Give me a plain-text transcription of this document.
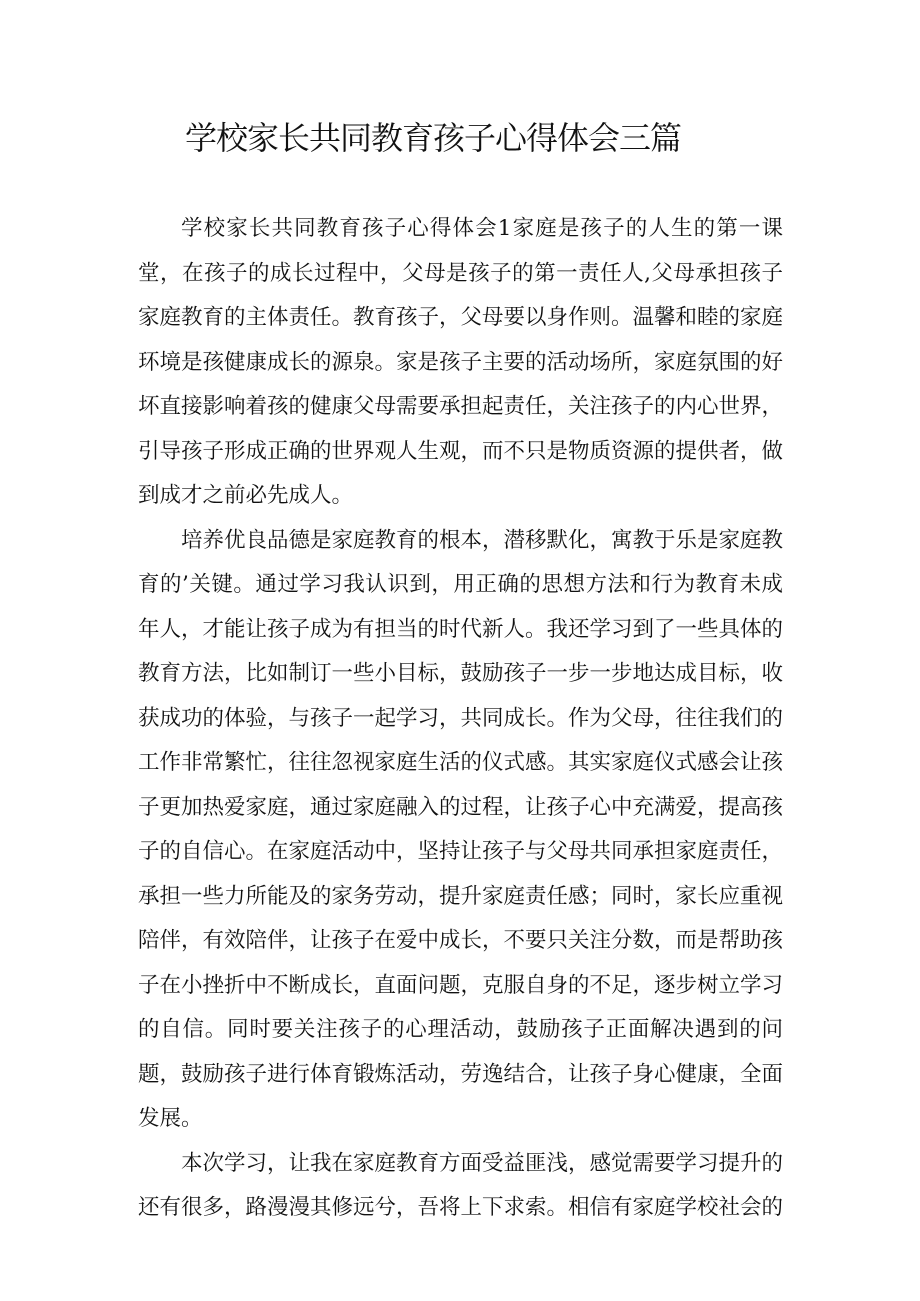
学校家长共同教育孩子心得体会三篇

学校家长共同教育孩子心得体会1家庭是孩子的人生的第一课堂，在孩子的成长过程中，父母是孩子的第一责任人,父母承担孩子家庭教育的主体责任。教育孩子，父母要以身作则。温馨和睦的家庭环境是孩健康成长的源泉。家是孩子主要的活动场所，家庭氛围的好坏直接影响着孩的健康父母需要承担起责任，关注孩子的内心世界，引导孩子形成正确的世界观人生观，而不只是物质资源的提供者，做到成才之前必先成人。

培养优良品德是家庭教育的根本，潜移默化，寓教于乐是家庭教育的’关键。通过学习我认识到，用正确的思想方法和行为教育未成年人，才能让孩子成为有担当的时代新人。我还学习到了一些具体的教育方法，比如制订一些小目标，鼓励孩子一步一步地达成目标，收获成功的体验，与孩子一起学习，共同成长。作为父母，往往我们的工作非常繁忙，往往忽视家庭生活的仪式感。其实家庭仪式感会让孩子更加热爱家庭，通过家庭融入的过程，让孩子心中充满爱，提高孩子的自信心。在家庭活动中，坚持让孩子与父母共同承担家庭责任，承担一些力所能及的家务劳动，提升家庭责任感；同时，家长应重视陪伴，有效陪伴，让孩子在爱中成长，不要只关注分数，而是帮助孩子在小挫折中不断成长，直面问题，克服自身的不足，逐步树立学习的自信。同时要关注孩子的心理活动，鼓励孩子正面解决遇到的问题，鼓励孩子进行体育锻炼活动，劳逸结合，让孩子身心健康，全面发展。

本次学习，让我在家庭教育方面受益匪浅，感觉需要学习提升的还有很多，路漫漫其修远兮，吾将上下求索。相信有家庭学校社会的
